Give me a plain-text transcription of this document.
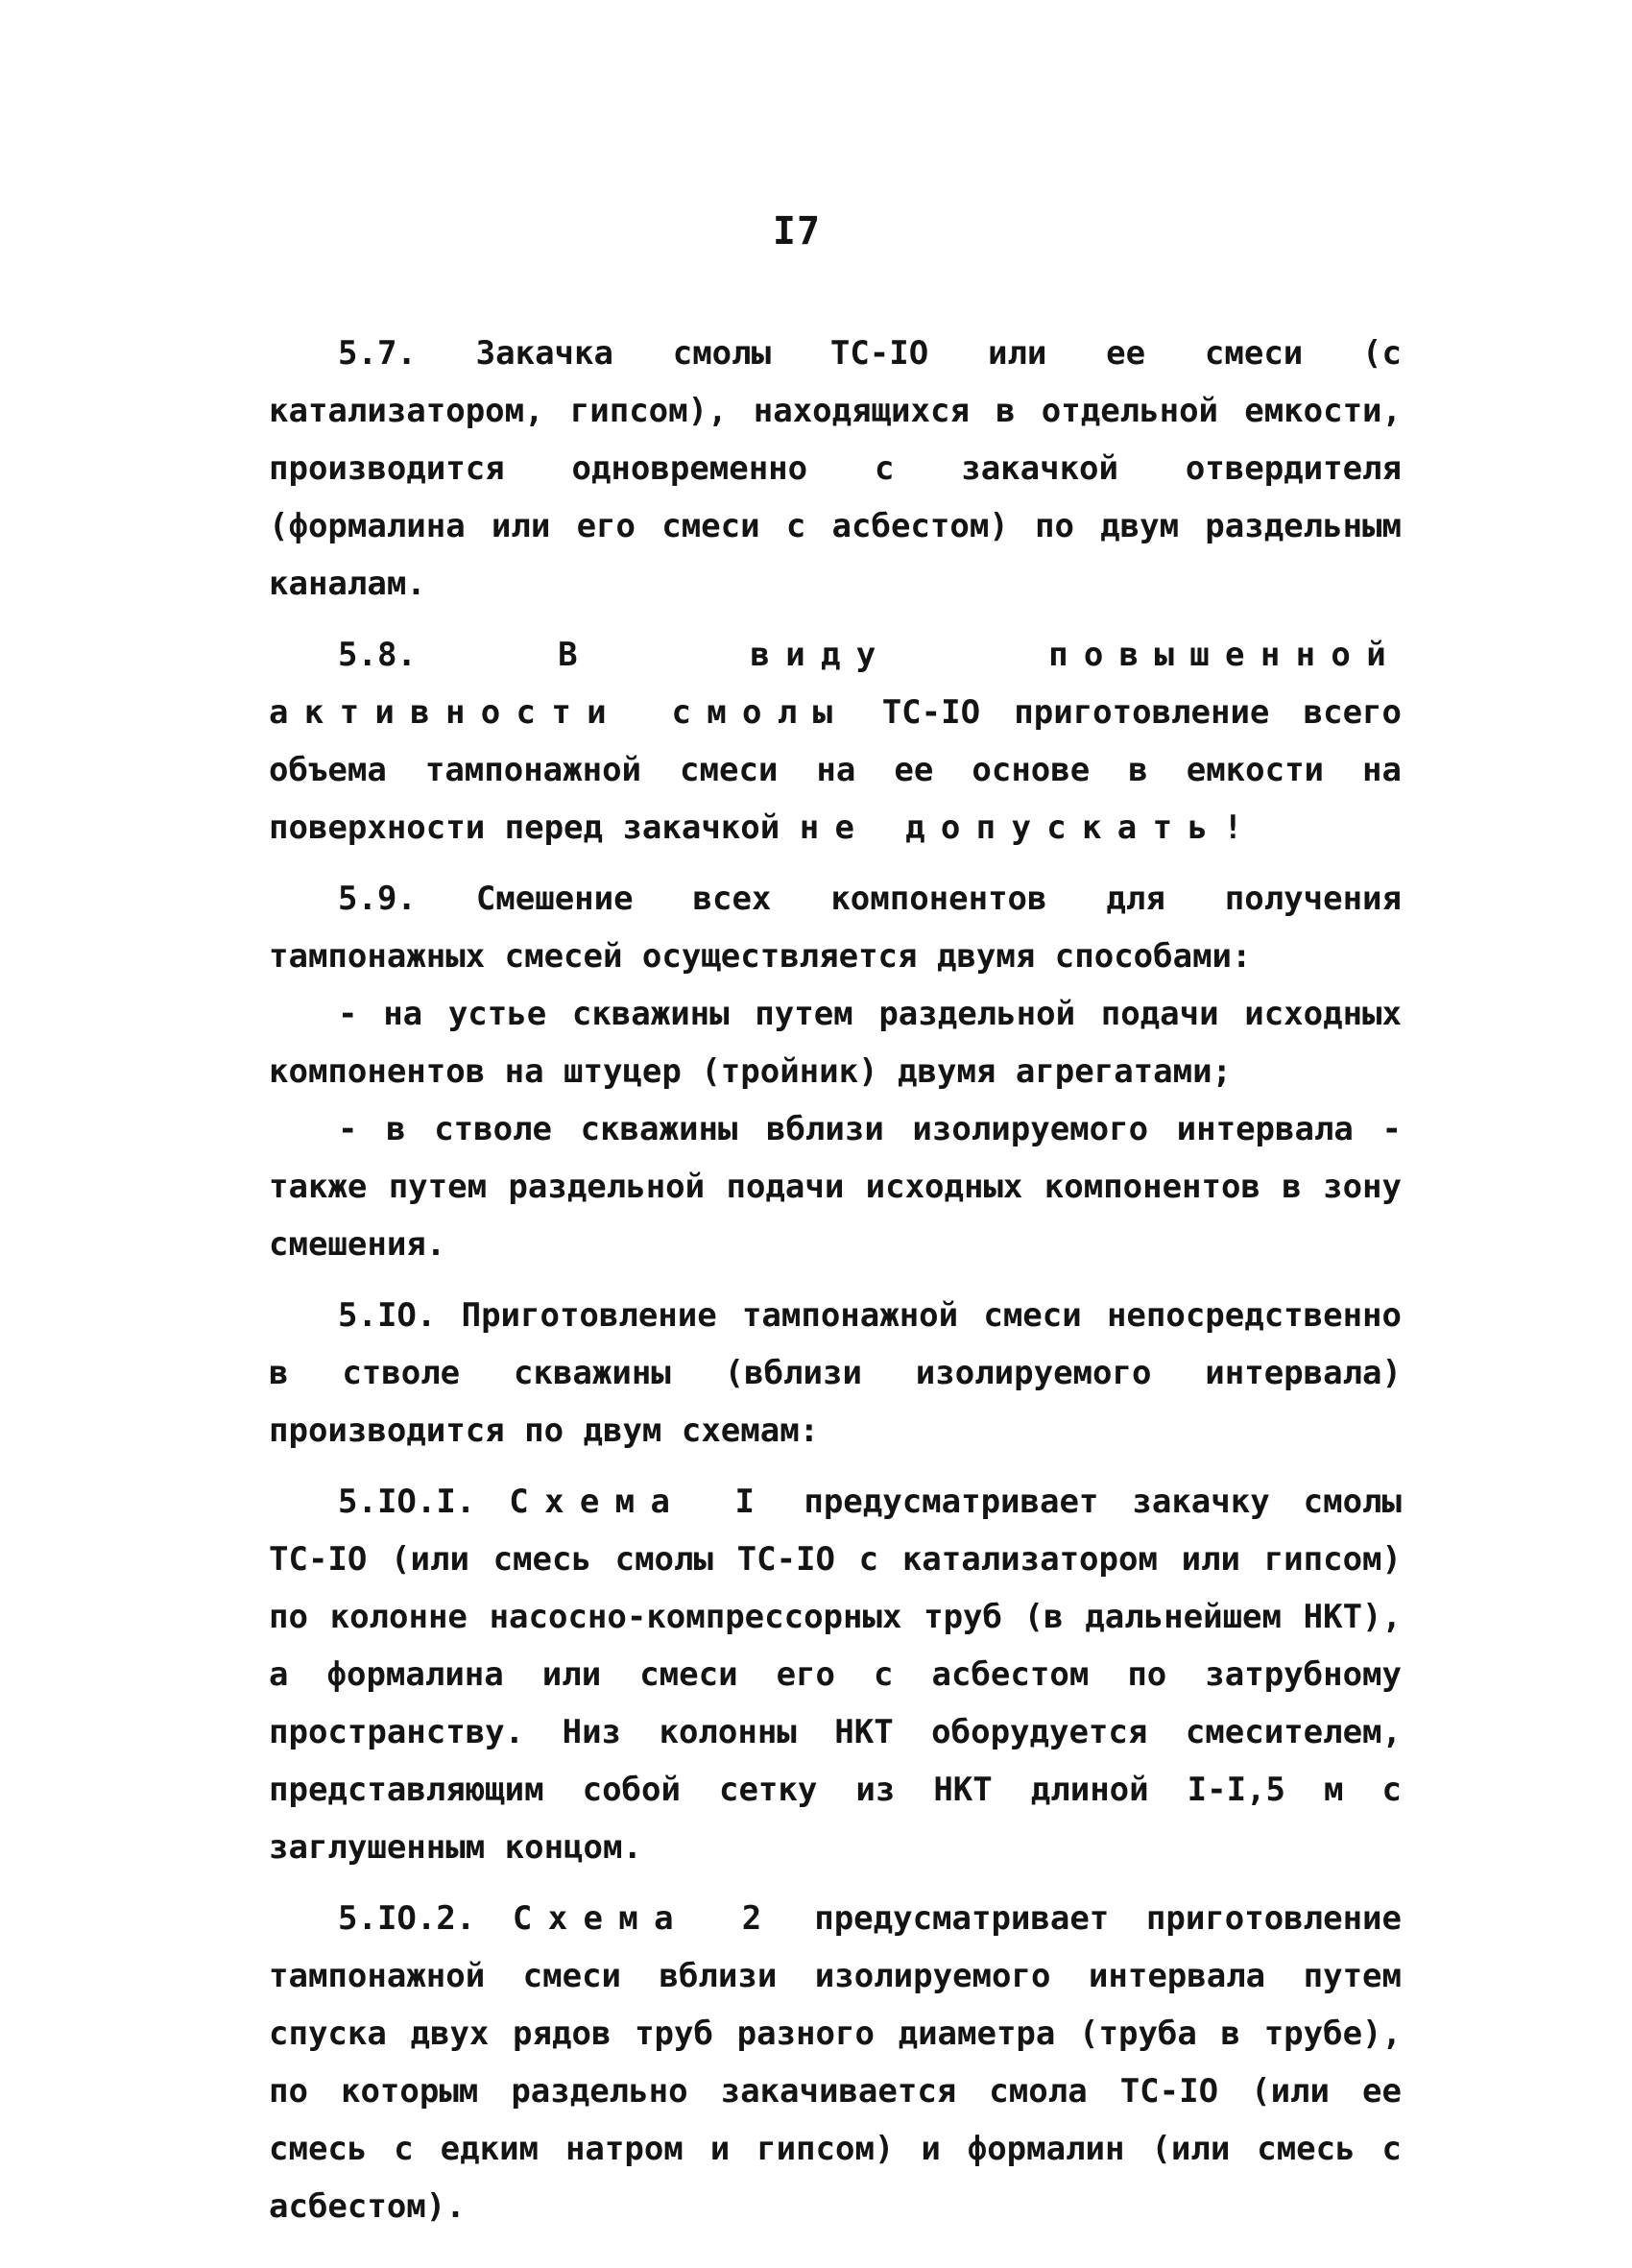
I7

5.7. Закачка смолы ТС-IO или ее смеси (с катализатором, гипсом), находящихся в отдельной емкости, производится одновременно с закачкой отвердителя (формалина или его смеси с асбестом) по двум раздельным каналам.

5.8.	В виду повышенной активности смолы ТС-IO приготовление всего объема тампонажной смеси на ее основе в емкости на поверхности перед закачкой не допускать!

5.9. Смешение всех компонентов для получения тампонажных смесей осуществляется двумя способами:

- на устье скважины путем раздельной подачи исходных компонентов на штуцер (тройник) двумя агрегатами;

- в стволе скважины вблизи изолируемого интервала - также путем раздельной подачи исходных компонентов в зону смешения.

5.IO. Приготовление тампонажной смеси непосредственно в стволе скважины (вблизи изолируемого интервала) производится по двум схемам:

5.IO.I. Схема I предусматривает закачку смолы ТС-IO (или смесь смолы ТС-IO с катализатором или гипсом) по колонне насосно-компрессорных труб (в дальнейшем НКТ), а формалина или смеси его с асбестом по затрубному пространству. Низ колонны НКТ оборудуется смесителем, представляющим собой сетку из НКТ длиной I-I,5 м с заглушенным концом.

5.IO.2. Схема 2 предусматривает приготовление тампонажной смеси вблизи изолируемого интервала путем спуска двух рядов труб разного диаметра (труба в трубе), по которым раздельно закачивается смола ТС-IO (или ее смесь с едким натром и гипсом) и формалин (или смесь с асбестом).
